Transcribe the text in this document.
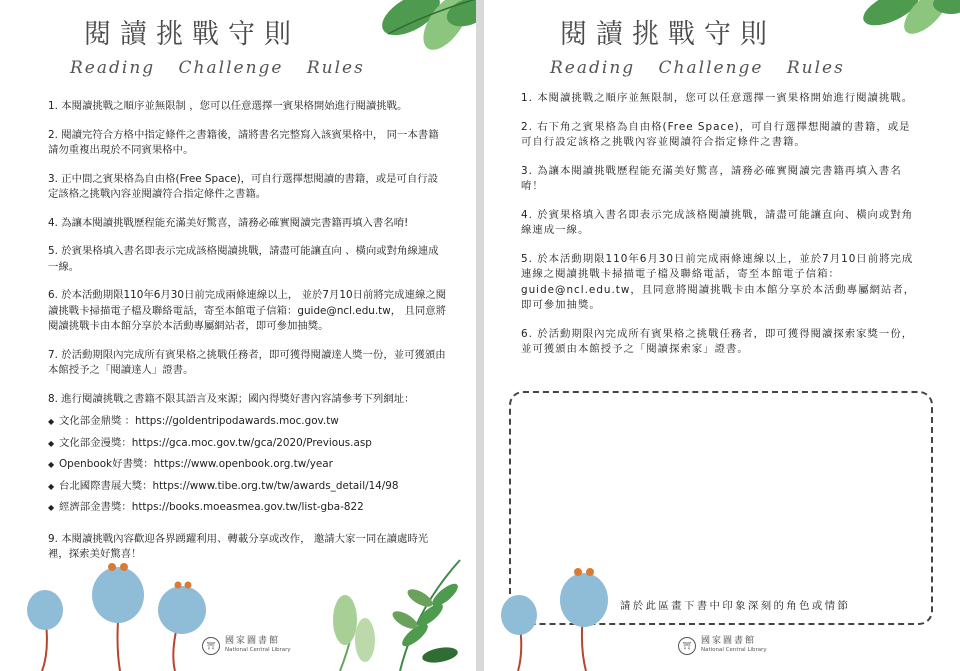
閱讀挑戰守則
Reading Challenge Rules
1. 本閱讀挑戰之順序並無限制 ，您可以任意選擇一賓果格開始進行閱讀挑戰。
2. 閱讀完符合方格中指定條件之書籍後，請將書名完整寫入該賓果格中， 同一本書籍請勿重複出現於不同賓果格中。
3. 正中間之賓果格為自由格(Free Space)，可自行選擇想閱讀的書籍，或是可自行設定該格之挑戰內容並閱讀符合指定條件之書籍。
4. 為讓本閱讀挑戰歷程能充滿美好驚喜，請務必確實閱讀完書籍再填入書名唷!
5. 於賓果格填入書名即表示完成該格閱讀挑戰，請盡可能讓直向 、橫向或對角線連成一線。
6. 於本活動期限110年6月30日前完成兩條連線以上， 並於7月10日前將完成連線之閱讀挑戰卡掃描電子檔及聯絡電話，寄至本館電子信箱：guide@ncl.edu.tw， 且同意將閱讀挑戰卡由本館分享於本活動專屬網站者，即可參加抽獎。
7. 於活動期限內完成所有賓果格之挑戰任務者，即可獲得閱讀達人獎一份，並可獲頒由本館授予之「閱讀達人」證書。
8. 進行閱讀挑戰之書籍不限其語言及來源；國內得獎好書內容請參考下列網址：
◆ 文化部金鼎獎 ：https://goldentripodawards.moc.gov.tw
◆ 文化部金漫獎：https://gca.moc.gov.tw/gca/2020/Previous.asp
◆ Openbook好書獎：https://www.openbook.org.tw/year
◆ 台北國際書展大獎：https://www.tibe.org.tw/tw/awards_detail/14/98
◆ 經濟部金書獎：https://books.moeasmea.gov.tw/list-gba-822
9. 本閱讀挑戰內容歡迎各界踴躍利用、轉載分享或改作， 邀請大家一同在讀處時光裡，探索美好驚喜！
⛩	國家圖書館
National Central Library
閱讀挑戰守則
Reading Challenge Rules
1. 本閱讀挑戰之順序並無限制，您可以任意選擇一賓果格開始進行閱讀挑戰。
2. 右下角之賓果格為自由格(Free Space)，可自行選擇想閱讀的書籍，或是可自行設定該格之挑戰內容並閱讀符合指定條件之書籍。
3. 為讓本閱讀挑戰歷程能充滿美好驚喜，請務必確實閱讀完書籍再填入書名唷！
4. 於賓果格填入書名即表示完成該格閱讀挑戰，請盡可能讓直向、橫向或對角線連成一線。
5. 於本活動期限110年6月30日前完成兩條連線以上，並於7月10日前將完成連線之閱讀挑戰卡掃描電子檔及聯絡電話，寄至本館電子信箱：guide@ncl.edu.tw，且同意將閱讀挑戰卡由本館分享於本活動專屬網站者，即可參加抽獎。
6. 於活動期限內完成所有賓果格之挑戰任務者，即可獲得閱讀探索家獎一份，並可獲頒由本館授予之「閱讀探索家」證書。
請於此區畫下書中印象深刻的角色或情節
⛩	國家圖書館
National Central Library
